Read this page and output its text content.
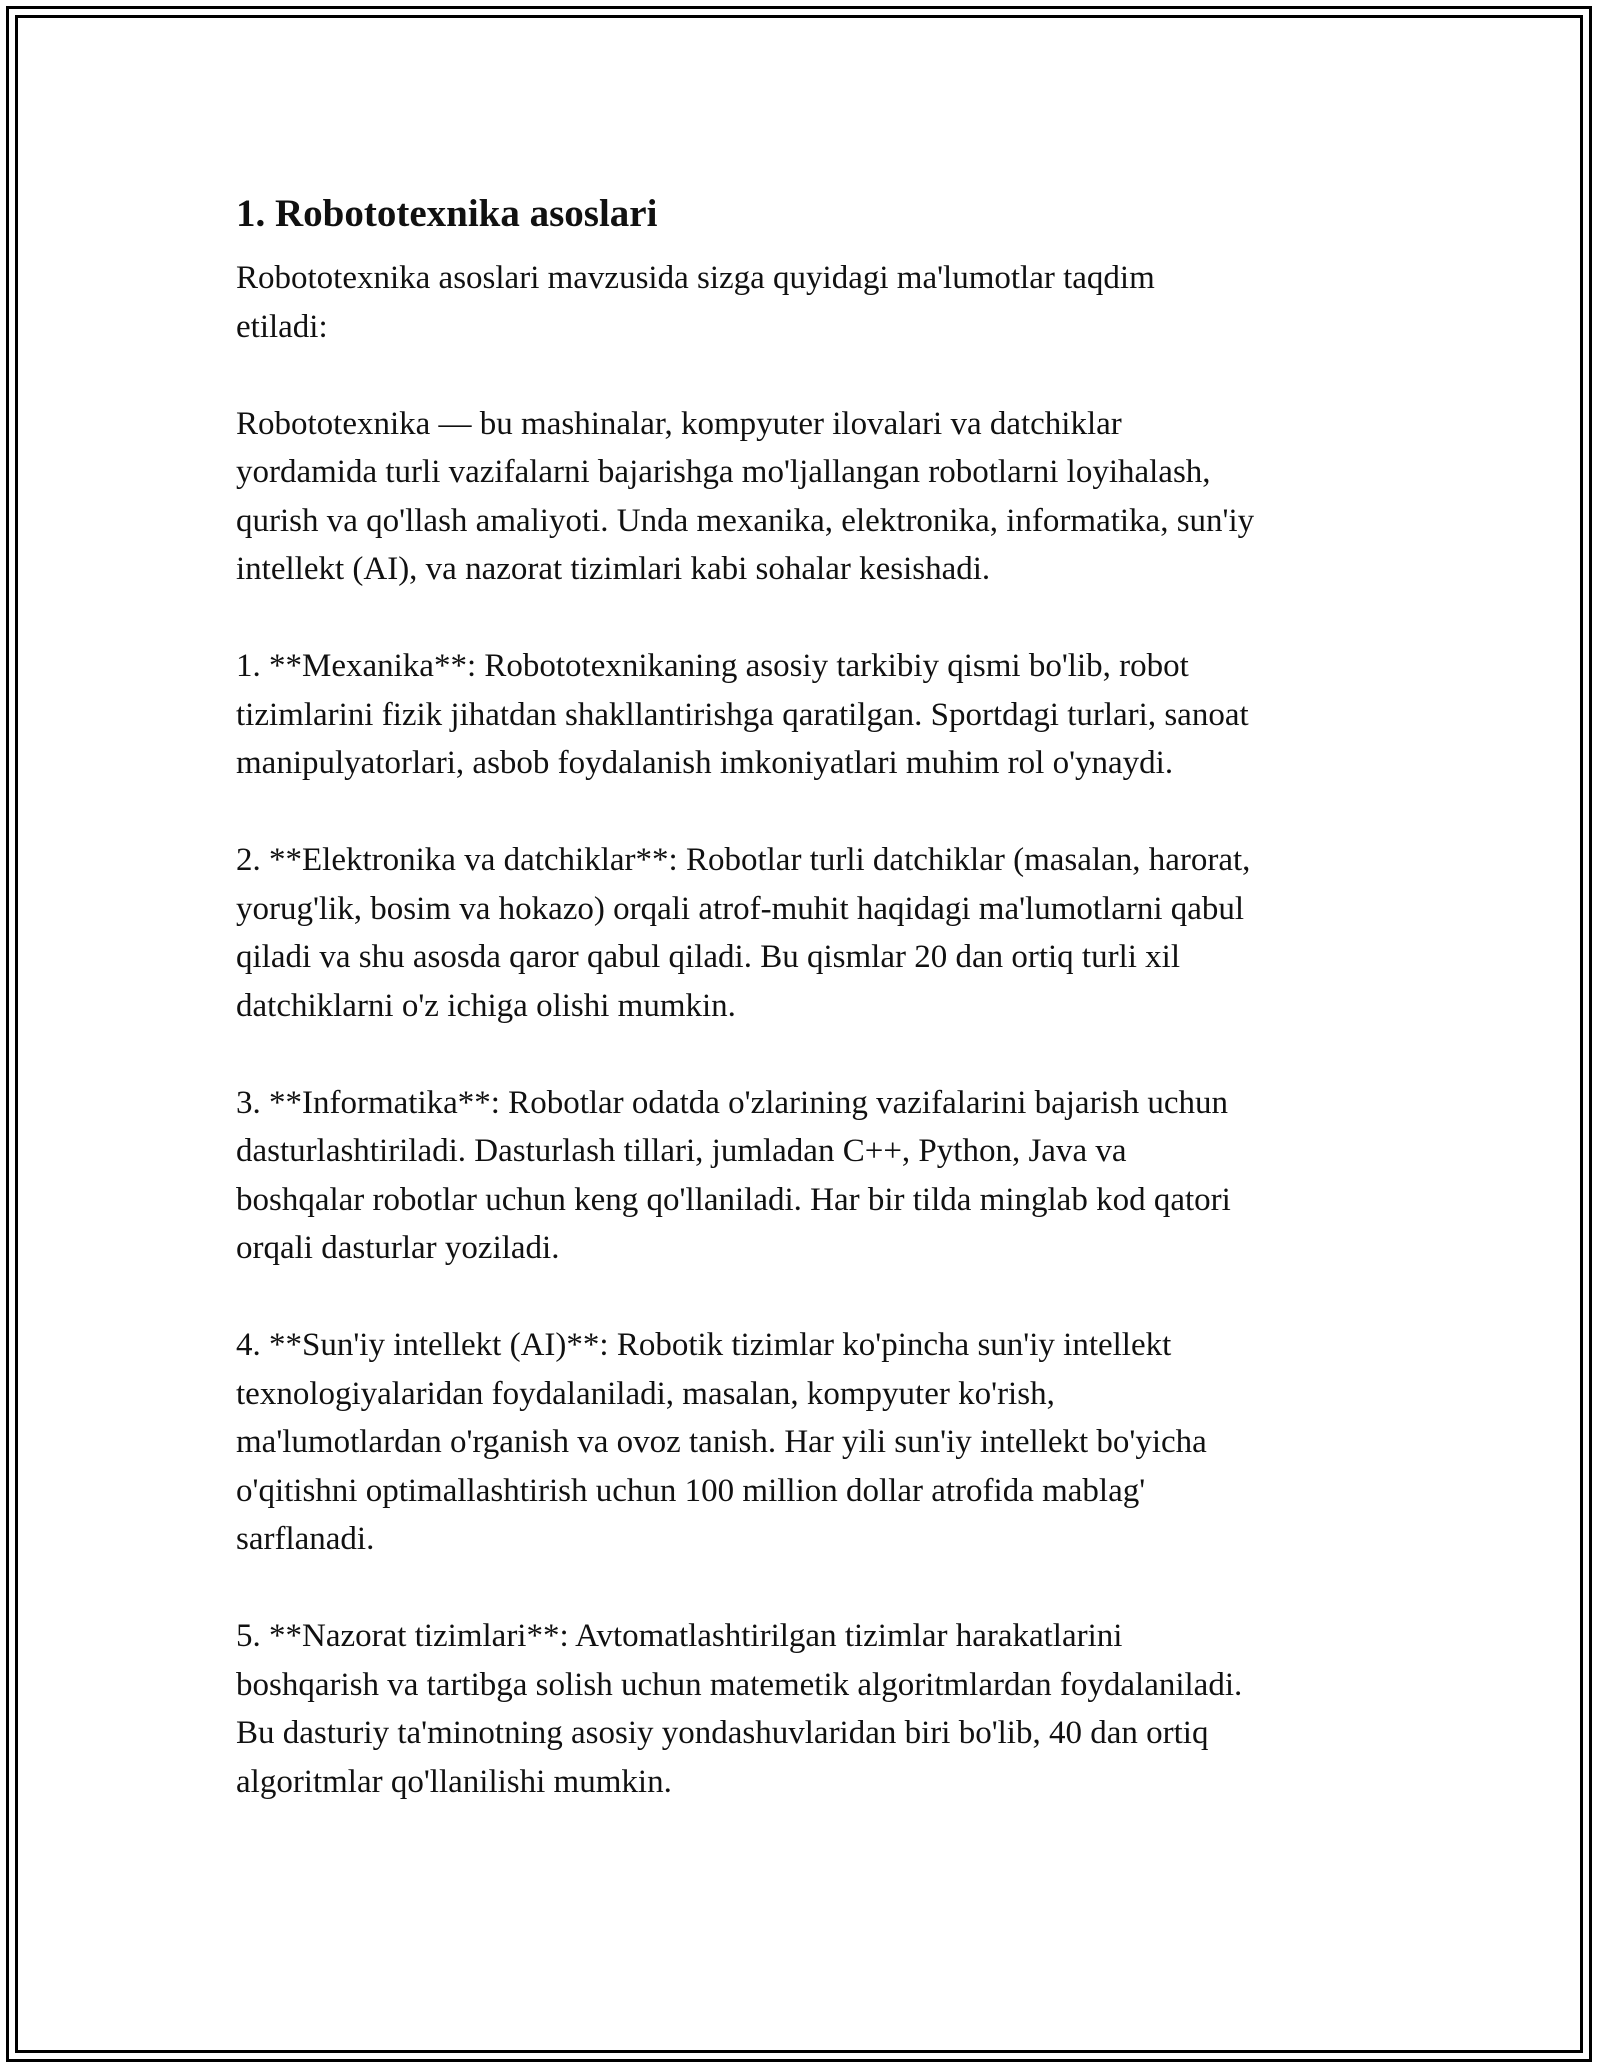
1. Robototexnika asoslari

Robototexnika asoslari mavzusida sizga quyidagi ma'lumotlar taqdim
etiladi:

Robototexnika — bu mashinalar, kompyuter ilovalari va datchiklar
yordamida turli vazifalarni bajarishga mo'ljallangan robotlarni loyihalash,
qurish va qo'llash amaliyoti. Unda mexanika, elektronika, informatika, sun'iy
intellekt (AI), va nazorat tizimlari kabi sohalar kesishadi.

1. **Mexanika**: Robototexnikaning asosiy tarkibiy qismi bo'lib, robot
tizimlarini fizik jihatdan shakllantirishga qaratilgan. Sportdagi turlari, sanoat
manipulyatorlari, asbob foydalanish imkoniyatlari muhim rol o'ynaydi.

2. **Elektronika va datchiklar**: Robotlar turli datchiklar (masalan, harorat,
yorug'lik, bosim va hokazo) orqali atrof-muhit haqidagi ma'lumotlarni qabul
qiladi va shu asosda qaror qabul qiladi. Bu qismlar 20 dan ortiq turli xil
datchiklarni o'z ichiga olishi mumkin.

3. **Informatika**: Robotlar odatda o'zlarining vazifalarini bajarish uchun
dasturlashtiriladi. Dasturlash tillari, jumladan C++, Python, Java va
boshqalar robotlar uchun keng qo'llaniladi. Har bir tilda minglab kod qatori
orqali dasturlar yoziladi.

4. **Sun'iy intellekt (AI)**: Robotik tizimlar ko'pincha sun'iy intellekt
texnologiyalaridan foydalaniladi, masalan, kompyuter ko'rish,
ma'lumotlardan o'rganish va ovoz tanish. Har yili sun'iy intellekt bo'yicha
o'qitishni optimallashtirish uchun 100 million dollar atrofida mablag'
sarflanadi.

5. **Nazorat tizimlari**: Avtomatlashtirilgan tizimlar harakatlarini
boshqarish va tartibga solish uchun matemetik algoritmlardan foydalaniladi.
Bu dasturiy ta'minotning asosiy yondashuvlaridan biri bo'lib, 40 dan ortiq
algoritmlar qo'llanilishi mumkin.
